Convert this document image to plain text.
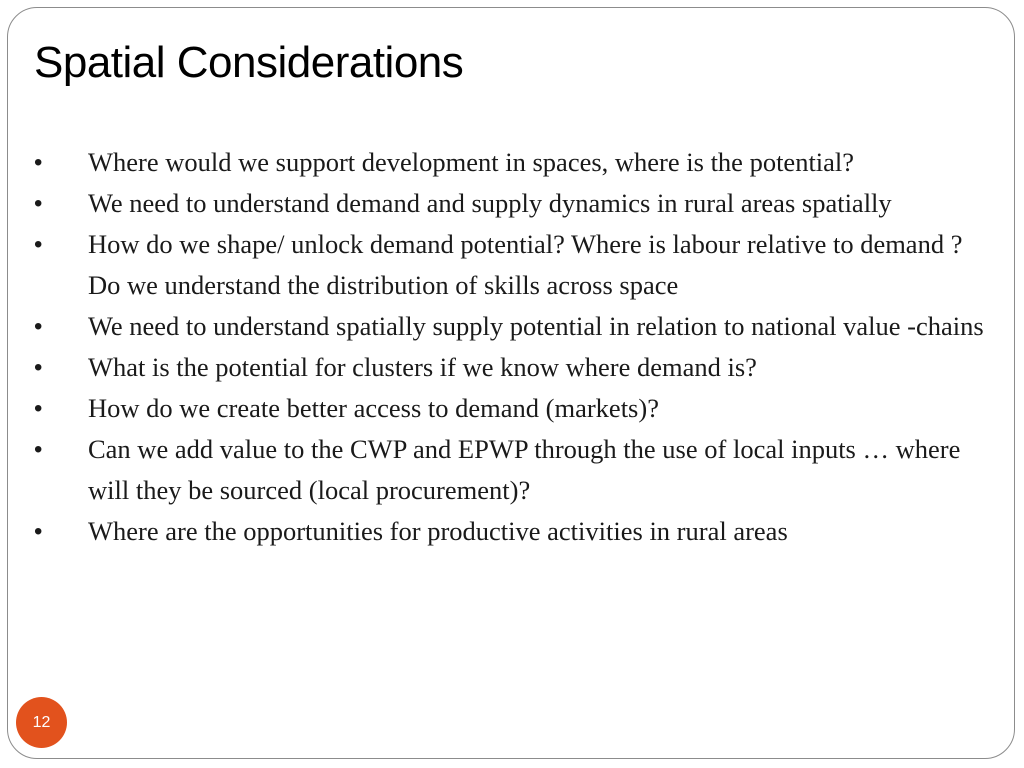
Spatial Considerations
•	Where would we support development in spaces, where is the potential?
•	We need to understand demand and supply dynamics in rural areas spatially
•	How do we shape/ unlock demand potential? Where is labour relative to demand ? Do we understand the distribution of skills across space
•	We need to understand spatially supply potential in relation to national value -chains
•	What is the potential for clusters if we know where demand is?
•	How do we create better access to demand (markets)?
•	Can we add value to the CWP and EPWP through the use of local inputs … where will they be sourced (local procurement)?
•	Where are the opportunities for productive activities in rural areas
12
